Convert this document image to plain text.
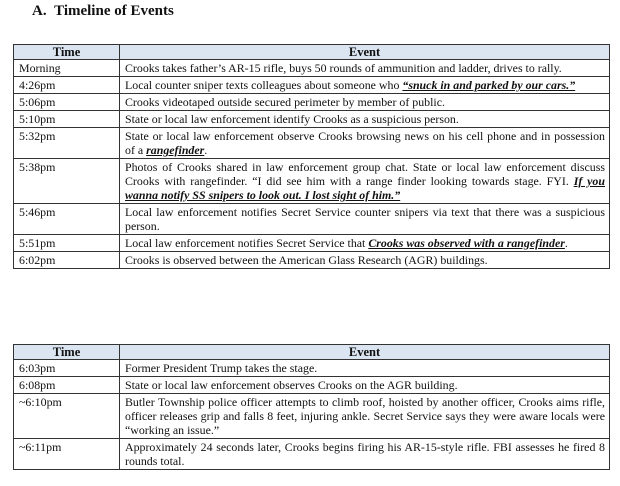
A.  Timeline of Events
Time	Event
Morning	Crooks takes father’s AR-15 rifle, buys 50 rounds of ammunition and ladder, drives to rally.
4:26pm	Local counter sniper texts colleagues about someone who “snuck in and parked by our cars.”
5:06pm	Crooks videotaped outside secured perimeter by member of public.
5:10pm	State or local law enforcement identify Crooks as a suspicious person.
5:32pm	State or local law enforcement observe Crooks browsing news on his cell phone and in possession of a rangefinder.
5:38pm	Photos of Crooks shared in law enforcement group chat. State or local law enforcement discuss Crooks with rangefinder. “I did see him with a range finder looking towards stage. FYI. If you wanna notify SS snipers to look out. I lost sight of him.”
5:46pm	Local law enforcement notifies Secret Service counter snipers via text that there was a suspicious person.
5:51pm	Local law enforcement notifies Secret Service that Crooks was observed with a rangefinder.
6:02pm	Crooks is observed between the American Glass Research (AGR) buildings.
Time	Event
6:03pm	Former President Trump takes the stage.
6:08pm	State or local law enforcement observes Crooks on the AGR building.
~6:10pm	Butler Township police officer attempts to climb roof, hoisted by another officer, Crooks aims rifle, officer releases grip and falls 8 feet, injuring ankle. Secret Service says they were aware locals were “working an issue.”
~6:11pm	Approximately 24 seconds later, Crooks begins firing his AR-15-style rifle. FBI assesses he fired 8 rounds total.
